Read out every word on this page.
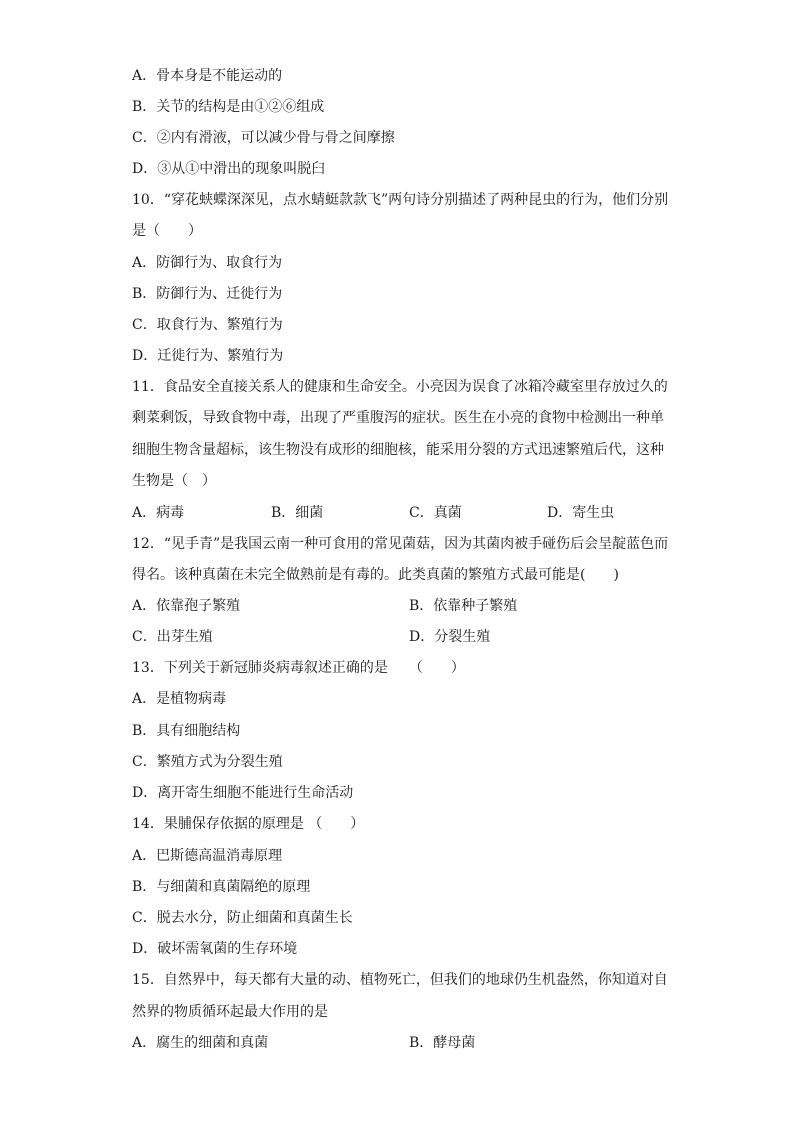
A．骨本身是不能运动的
B．关节的结构是由①②⑥组成
C．②内有滑液，可以减少骨与骨之间摩擦
D．③从①中滑出的现象叫脱臼
10．“穿花蛱蝶深深见，点水蜻蜓款款飞”两句诗分别描述了两种昆虫的行为，他们分别
是（　　）
A．防御行为、取食行为
B．防御行为、迁徙行为
C．取食行为、繁殖行为
D．迁徙行为、繁殖行为
11．食品安全直接关系人的健康和生命安全。小亮因为误食了冰箱冷藏室里存放过久的
剩菜剩饭，导致食物中毒，出现了严重腹泻的症状。医生在小亮的食物中检测出一种单
细胞生物含量超标，该生物没有成形的细胞核，能采用分裂的方式迅速繁殖后代，这种
生物是（　）
A．病毒	B．细菌	C．真菌	D．寄生虫
12．“见手青”是我国云南一种可食用的常见菌菇，因为其菌肉被手碰伤后会呈靛蓝色而
得名。该种真菌在未完全做熟前是有毒的。此类真菌的繁殖方式最可能是(　　)
A．依靠孢子繁殖	B．依靠种子繁殖
C．出芽生殖	D．分裂生殖
13．下列关于新冠肺炎病毒叙述正确的是　　（　　）
A．是植物病毒
B．具有细胞结构
C．繁殖方式为分裂生殖
D．离开寄生细胞不能进行生命活动
14．果脯保存依据的原理是 （　　）
A．巴斯德高温消毒原理
B．与细菌和真菌隔绝的原理
C．脱去水分，防止细菌和真菌生长
D．破坏需氧菌的生存环境
15．自然界中，每天都有大量的动、植物死亡，但我们的地球仍生机盎然，你知道对自
然界的物质循环起最大作用的是
A．腐生的细菌和真菌	B．酵母菌
